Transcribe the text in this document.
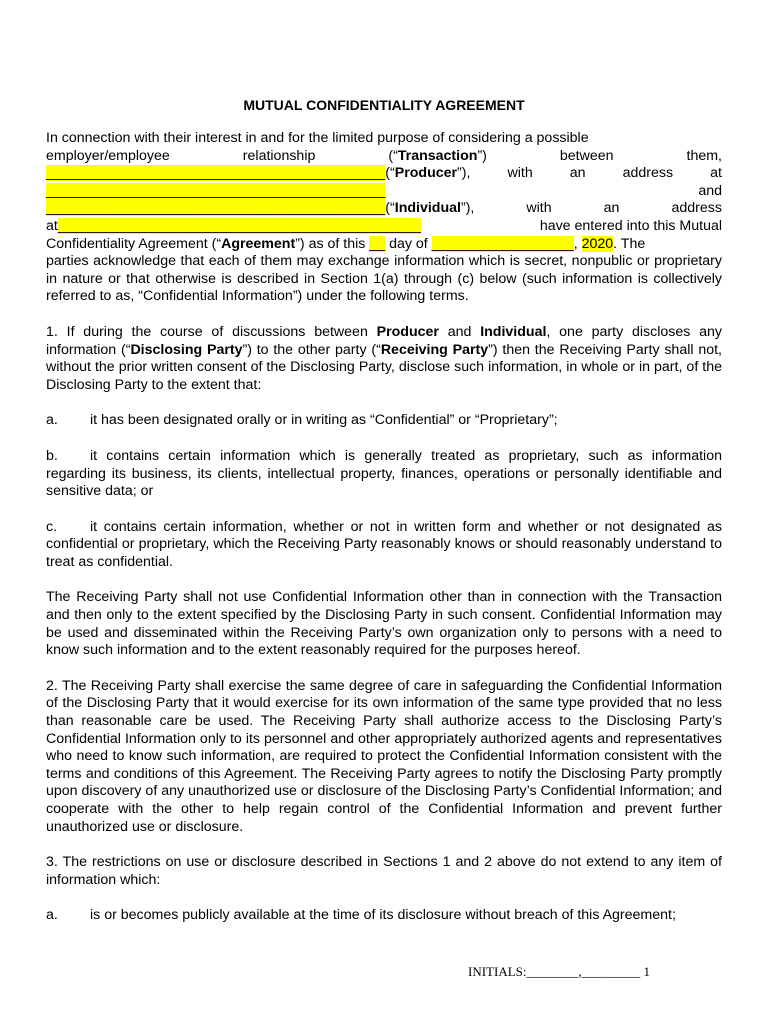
MUTUAL CONFIDENTIALITY AGREEMENT

In connection with their interest in and for the limited purpose of considering a possible

employer/employee	relationship	(“Transaction”)	between	them,
___________________________________________(“Producer”),	with	an	address	at
___________________________________________	and
___________________________________________(“Individual”),	with	an	address
at______________________________________________	have entered into this Mutual
Confidentiality Agreement (“Agreement”) as of this __ day of __________________, 2020. The

parties acknowledge that each of them may exchange information which is secret, nonpublic or proprietary in nature or that otherwise is described in Section 1(a) through (c) below (such information is collectively referred to as, “Confidential Information”) under the following terms.

1. If during the course of discussions between Producer and Individual, one party discloses any information (“Disclosing Party”) to the other party (“Receiving Party”) then the Receiving Party shall not, without the prior written consent of the Disclosing Party, disclose such information, in whole or in part, of the Disclosing Party to the extent that:

a. it has been designated orally or in writing as “Confidential” or “Proprietary”;

b. it contains certain information which is generally treated as proprietary, such as information regarding its business, its clients, intellectual property, finances, operations or personally identifiable and sensitive data; or

c. it contains certain information, whether or not in written form and whether or not designated as confidential or proprietary, which the Receiving Party reasonably knows or should reasonably understand to treat as confidential.

The Receiving Party shall not use Confidential Information other than in connection with the Transaction and then only to the extent specified by the Disclosing Party in such consent. Confidential Information may be used and disseminated within the Receiving Party’s own organization only to persons with a need to know such information and to the extent reasonably required for the purposes hereof.

2. The Receiving Party shall exercise the same degree of care in safeguarding the Confidential Information of the Disclosing Party that it would exercise for its own information of the same type provided that no less than reasonable care be used. The Receiving Party shall authorize access to the Disclosing Party’s Confidential Information only to its personnel and other appropriately authorized agents and representatives who need to know such information, are required to protect the Confidential Information consistent with the terms and conditions of this Agreement. The Receiving Party agrees to notify the Disclosing Party promptly upon discovery of any unauthorized use or disclosure of the Disclosing Party’s Confidential Information; and cooperate with the other to help regain control of the Confidential Information and prevent further unauthorized use or disclosure.

3. The restrictions on use or disclosure described in Sections 1 and 2 above do not extend to any item of information which:

a. is or becomes publicly available at the time of its disclosure without breach of this Agreement;

INITIALS:________,_________ 1
